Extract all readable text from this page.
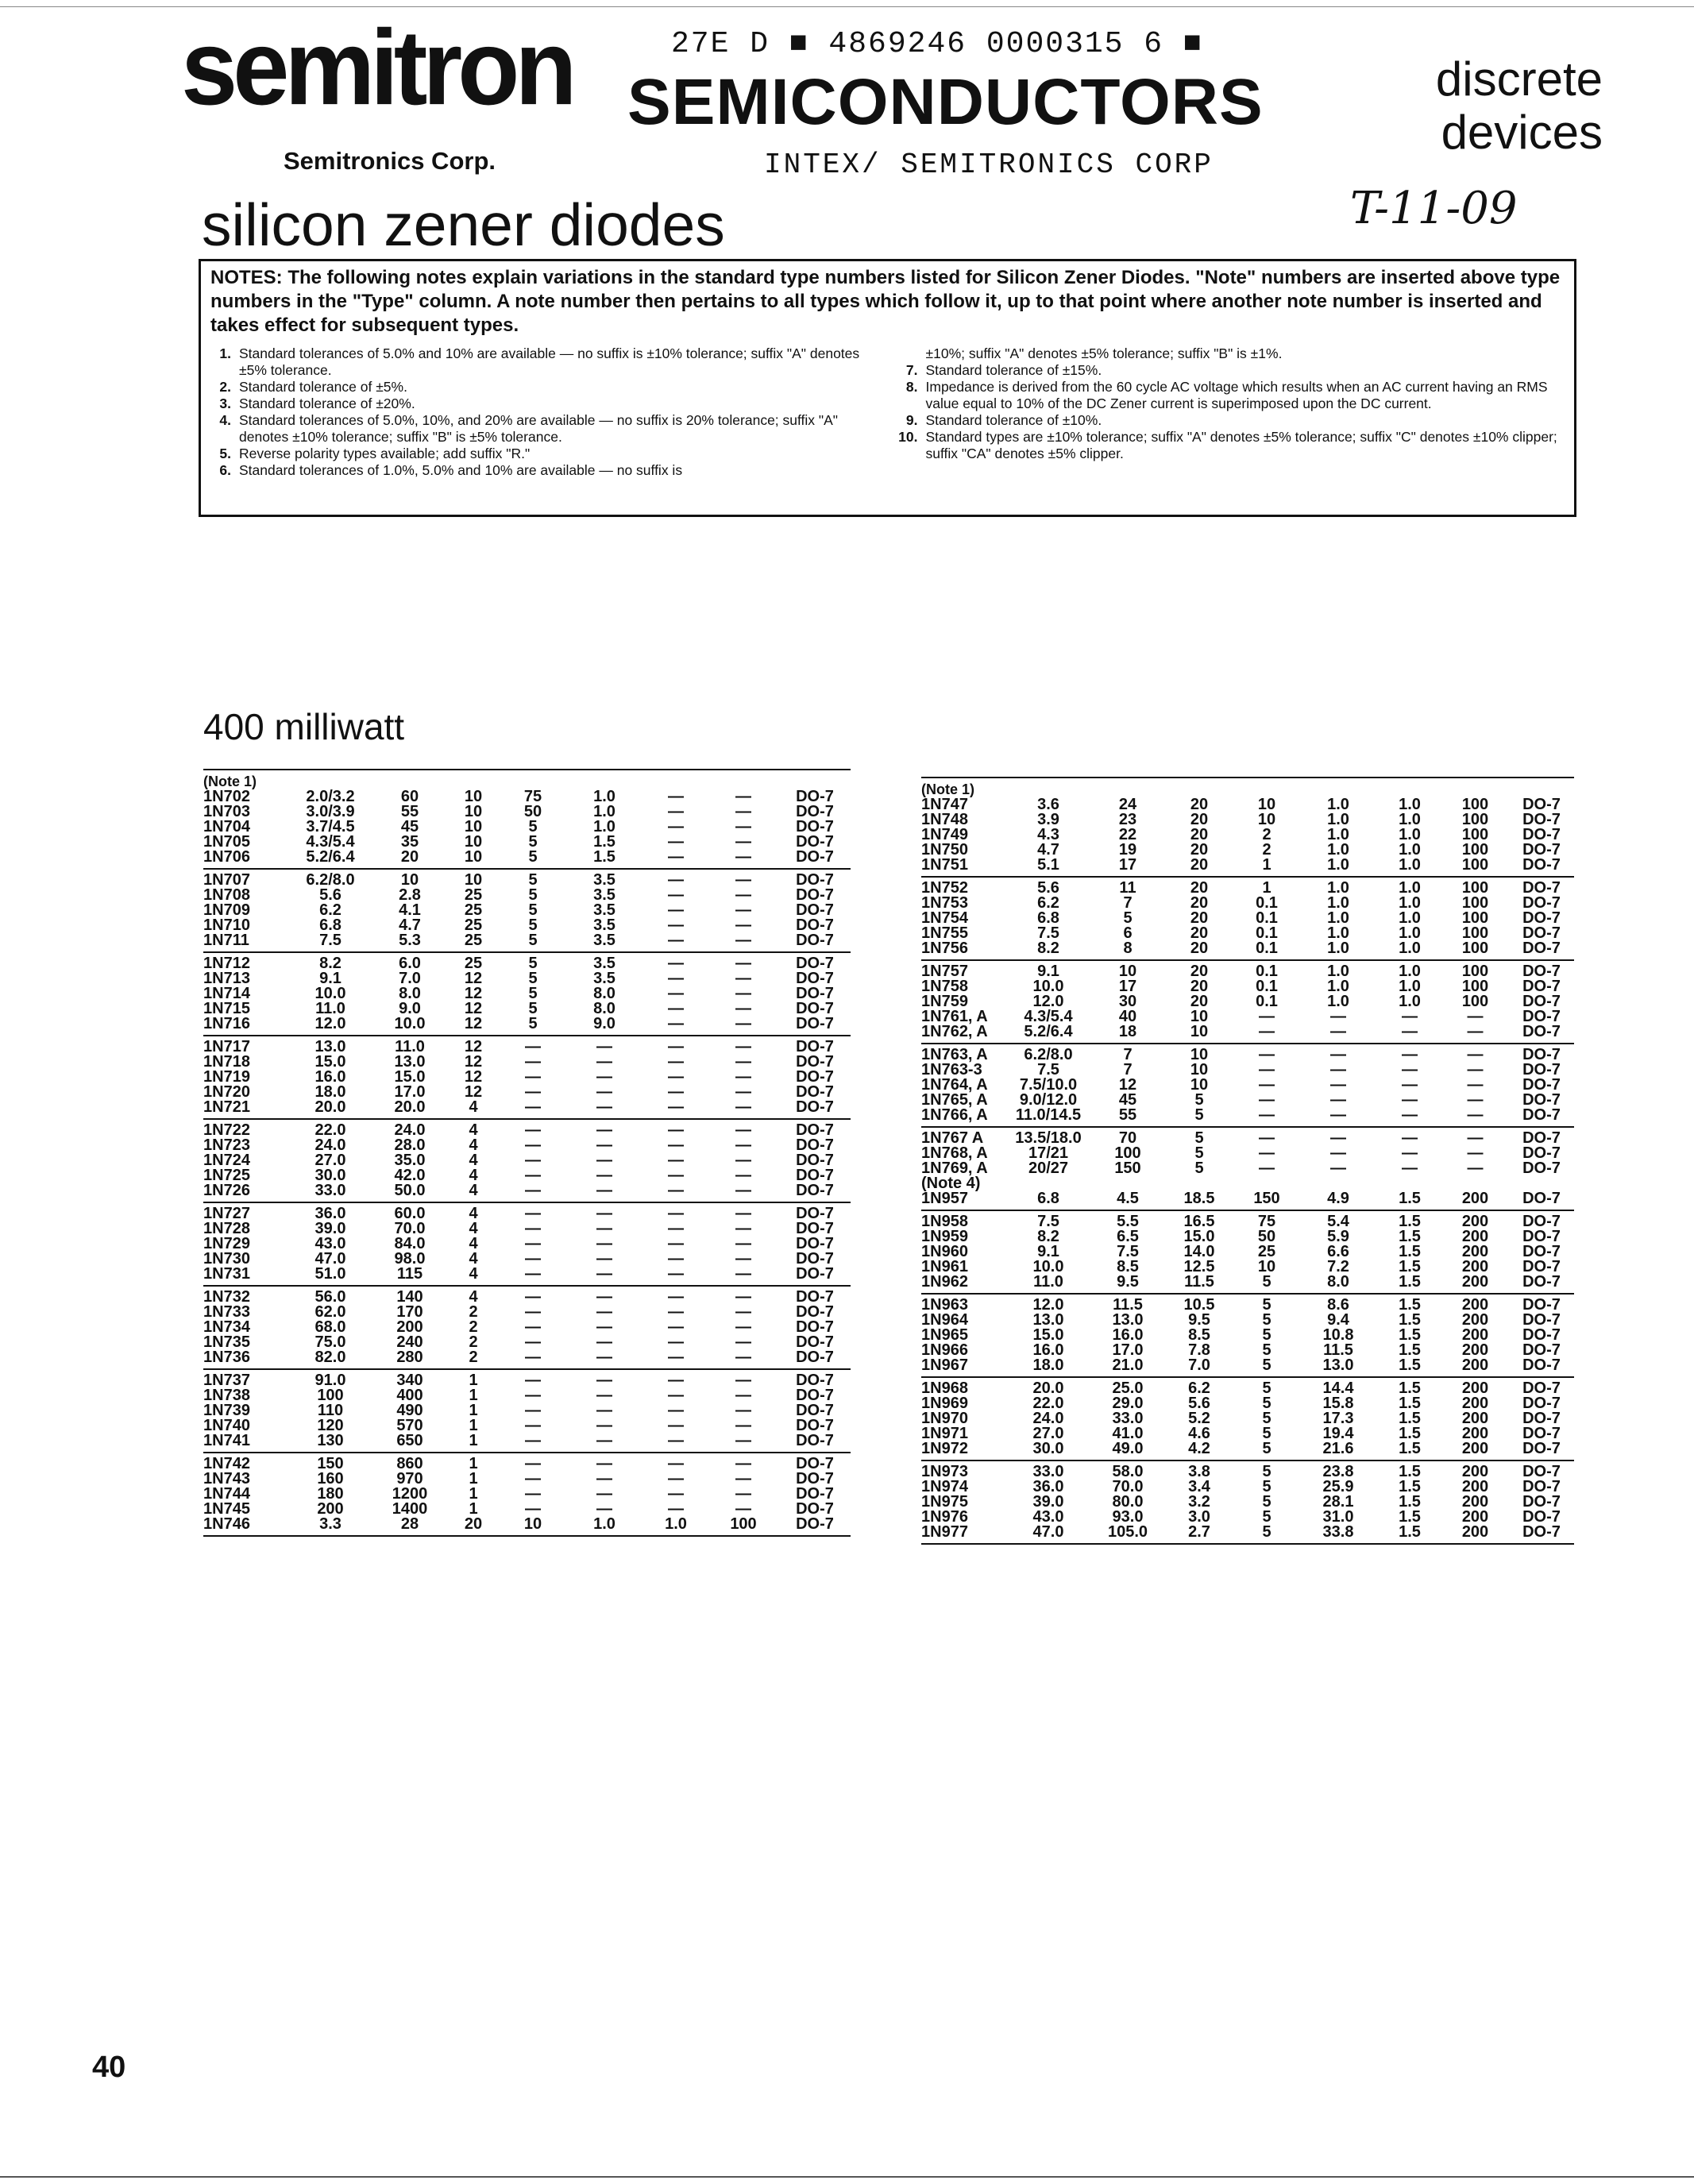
27E D ■ 4869246 0000315 6 ■
semitron SEMICONDUCTORS
Semitronics Corp.	INTEX/ SEMITRONICS CORP
discrete devices
T-11-09
silicon zener diodes
NOTES: The following notes explain variations in the standard type numbers listed for Silicon Zener Diodes. "Note" numbers are inserted above type numbers in the "Type" column. A note number then pertains to all types which follow it, up to that point where another note number is inserted and takes effect for subsequent types.
1. Standard tolerances of 5.0% and 10% are available — no suffix is ±10% tolerance; suffix "A" denotes ±5% tolerance.
2. Standard tolerance of ±5%.
3. Standard tolerance of ±20%.
4. Standard tolerances of 5.0%, 10%, and 20% are available — no suffix is 20% tolerance; suffix "A" denotes ±10% tolerance; suffix "B" is ±5% tolerance.
5. Reverse polarity types available; add suffix "R."
6. Standard tolerances of 1.0%, 5.0% and 10% are available — no suffix is
±10%; suffix "A" denotes ±5% tolerance; suffix "B" is ±1%.
7. Standard tolerance of ±15%.
8. Impedance is derived from the 60 cycle AC voltage which results when an AC current having an RMS value equal to 10% of the DC Zener current is superimposed upon the DC current.
9. Standard tolerance of ±10%.
10. Standard types are ±10% tolerance; suffix "A" denotes ±5% tolerance; suffix "C" denotes ±10% clipper; suffix "CA" denotes ±5% clipper.
400 milliwatt
(Note 1)
1N702	2.0/3.2	60	10	75	1.0	—	—	DO-7
1N703	3.0/3.9	55	10	50	1.0	—	—	DO-7
1N704	3.7/4.5	45	10	5	1.0	—	—	DO-7
1N705	4.3/5.4	35	10	5	1.5	—	—	DO-7
1N706	5.2/6.4	20	10	5	1.5	—	—	DO-7
1N707	6.2/8.0	10	10	5	3.5	—	—	DO-7
1N708	5.6	2.8	25	5	3.5	—	—	DO-7
1N709	6.2	4.1	25	5	3.5	—	—	DO-7
1N710	6.8	4.7	25	5	3.5	—	—	DO-7
1N711	7.5	5.3	25	5	3.5	—	—	DO-7
1N712	8.2	6.0	25	5	3.5	—	—	DO-7
1N713	9.1	7.0	12	5	3.5	—	—	DO-7
1N714	10.0	8.0	12	5	8.0	—	—	DO-7
1N715	11.0	9.0	12	5	8.0	—	—	DO-7
1N716	12.0	10.0	12	5	9.0	—	—	DO-7
1N717	13.0	11.0	12	—	—	—	—	DO-7
1N718	15.0	13.0	12	—	—	—	—	DO-7
1N719	16.0	15.0	12	—	—	—	—	DO-7
1N720	18.0	17.0	12	—	—	—	—	DO-7
1N721	20.0	20.0	4	—	—	—	—	DO-7
1N722	22.0	24.0	4	—	—	—	—	DO-7
1N723	24.0	28.0	4	—	—	—	—	DO-7
1N724	27.0	35.0	4	—	—	—	—	DO-7
1N725	30.0	42.0	4	—	—	—	—	DO-7
1N726	33.0	50.0	4	—	—	—	—	DO-7
1N727	36.0	60.0	4	—	—	—	—	DO-7
1N728	39.0	70.0	4	—	—	—	—	DO-7
1N729	43.0	84.0	4	—	—	—	—	DO-7
1N730	47.0	98.0	4	—	—	—	—	DO-7
1N731	51.0	115	4	—	—	—	—	DO-7
1N732	56.0	140	4	—	—	—	—	DO-7
1N733	62.0	170	2	—	—	—	—	DO-7
1N734	68.0	200	2	—	—	—	—	DO-7
1N735	75.0	240	2	—	—	—	—	DO-7
1N736	82.0	280	2	—	—	—	—	DO-7
1N737	91.0	340	1	—	—	—	—	DO-7
1N738	100	400	1	—	—	—	—	DO-7
1N739	110	490	1	—	—	—	—	DO-7
1N740	120	570	1	—	—	—	—	DO-7
1N741	130	650	1	—	—	—	—	DO-7
1N742	150	860	1	—	—	—	—	DO-7
1N743	160	970	1	—	—	—	—	DO-7
1N744	180	1200	1	—	—	—	—	DO-7
1N745	200	1400	1	—	—	—	—	DO-7
1N746	3.3	28	20	10	1.0	1.0	100	DO-7
(Note 1)
1N747	3.6	24	20	10	1.0	1.0	100	DO-7
1N748	3.9	23	20	10	1.0	1.0	100	DO-7
1N749	4.3	22	20	2	1.0	1.0	100	DO-7
1N750	4.7	19	20	2	1.0	1.0	100	DO-7
1N751	5.1	17	20	1	1.0	1.0	100	DO-7
1N752	5.6	11	20	1	1.0	1.0	100	DO-7
1N753	6.2	7	20	0.1	1.0	1.0	100	DO-7
1N754	6.8	5	20	0.1	1.0	1.0	100	DO-7
1N755	7.5	6	20	0.1	1.0	1.0	100	DO-7
1N756	8.2	8	20	0.1	1.0	1.0	100	DO-7
1N757	9.1	10	20	0.1	1.0	1.0	100	DO-7
1N758	10.0	17	20	0.1	1.0	1.0	100	DO-7
1N759	12.0	30	20	0.1	1.0	1.0	100	DO-7
1N761, A	4.3/5.4	40	10	—	—	—	—	DO-7
1N762, A	5.2/6.4	18	10	—	—	—	—	DO-7
1N763, A	6.2/8.0	7	10	—	—	—	—	DO-7
1N763-3	7.5	7	10	—	—	—	—	DO-7
1N764, A	7.5/10.0	12	10	—	—	—	—	DO-7
1N765, A	9.0/12.0	45	5	—	—	—	—	DO-7
1N766, A	11.0/14.5	55	5	—	—	—	—	DO-7
1N767 A	13.5/18.0	70	5	—	—	—	—	DO-7
1N768, A	17/21	100	5	—	—	—	—	DO-7
1N769, A	20/27	150	5	—	—	—	—	DO-7
(Note 4)
1N957	6.8	4.5	18.5	150	4.9	1.5	200	DO-7
1N958	7.5	5.5	16.5	75	5.4	1.5	200	DO-7
1N959	8.2	6.5	15.0	50	5.9	1.5	200	DO-7
1N960	9.1	7.5	14.0	25	6.6	1.5	200	DO-7
1N961	10.0	8.5	12.5	10	7.2	1.5	200	DO-7
1N962	11.0	9.5	11.5	5	8.0	1.5	200	DO-7
1N963	12.0	11.5	10.5	5	8.6	1.5	200	DO-7
1N964	13.0	13.0	9.5	5	9.4	1.5	200	DO-7
1N965	15.0	16.0	8.5	5	10.8	1.5	200	DO-7
1N966	16.0	17.0	7.8	5	11.5	1.5	200	DO-7
1N967	18.0	21.0	7.0	5	13.0	1.5	200	DO-7
1N968	20.0	25.0	6.2	5	14.4	1.5	200	DO-7
1N969	22.0	29.0	5.6	5	15.8	1.5	200	DO-7
1N970	24.0	33.0	5.2	5	17.3	1.5	200	DO-7
1N971	27.0	41.0	4.6	5	19.4	1.5	200	DO-7
1N972	30.0	49.0	4.2	5	21.6	1.5	200	DO-7
1N973	33.0	58.0	3.8	5	23.8	1.5	200	DO-7
1N974	36.0	70.0	3.4	5	25.9	1.5	200	DO-7
1N975	39.0	80.0	3.2	5	28.1	1.5	200	DO-7
1N976	43.0	93.0	3.0	5	31.0	1.5	200	DO-7
1N977	47.0	105.0	2.7	5	33.8	1.5	200	DO-7
40
